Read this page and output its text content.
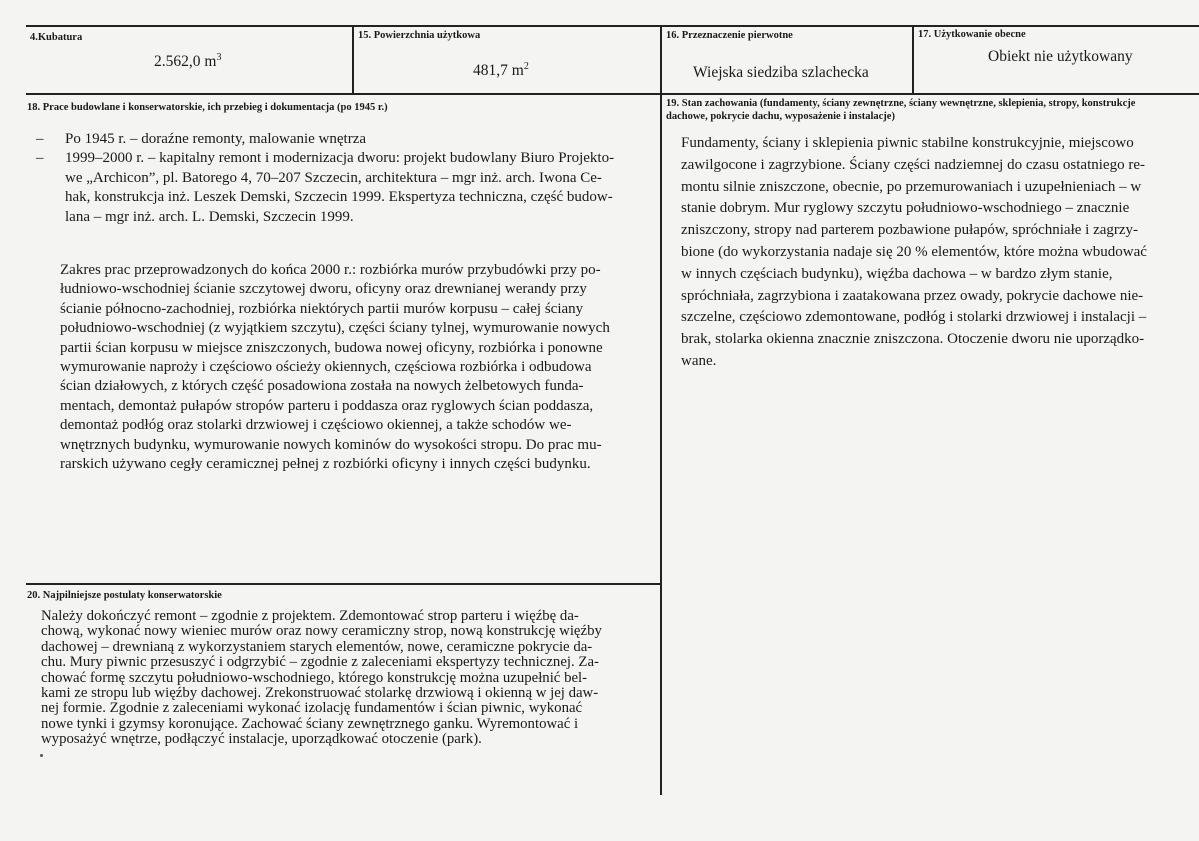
4.Kubatura
2.562,0 $m^3$
15. Powierzchnia użytkowa
481,7 $m^2$
16. Przeznaczenie pierwotne
Wiejska siedziba szlachecka
17. Użytkowanie obecne
Obiekt nie użytkowany
18. Prace budowlane i konserwatorskie, ich przebieg i dokumentacja (po 1945 r.)
– Po 1945 r. – doraźne remonty, malowanie wnętrza
– 1999–2000 r. – kapitalny remont i modernizacja dworu: projekt budowlany Biuro Projekto-
we „Archicon”, pl. Batorego 4, 70–207 Szczecin, architektura – mgr inż. arch. Iwona Ce-
hak, konstrukcja inż. Leszek Demski, Szczecin 1999. Ekspertyza techniczna, część budow-
lana – mgr inż. arch. L. Demski, Szczecin 1999.
Zakres prac przeprowadzonych do końca 2000 r.: rozbiórka murów przybudówki przy po-
łudniowo-wschodniej ścianie szczytowej dworu, oficyny oraz drewnianej werandy przy
ścianie północno-zachodniej, rozbiórka niektórych partii murów korpusu – całej ściany
południowo-wschodniej (z wyjątkiem szczytu), części ściany tylnej, wymurowanie nowych
partii ścian korpusu w miejsce zniszczonych, budowa nowej oficyny, rozbiórka i ponowne
wymurowanie naproży i częściowo ościeży okiennych, częściowa rozbiórka i odbudowa
ścian działowych, z których część posadowiona została na nowych żelbetowych funda-
mentach, demontaż pułapów stropów parteru i poddasza oraz ryglowych ścian poddasza,
demontaż podłóg oraz stolarki drzwiowej i częściowo okiennej, a także schodów we-
wnętrznych budynku, wymurowanie nowych kominów do wysokości stropu. Do prac mu-
rarskich używano cegły ceramicznej pełnej z rozbiórki oficyny i innych części budynku.
19. Stan zachowania (fundamenty, ściany zewnętrzne, ściany wewnętrzne, sklepienia, stropy, konstrukcje
dachowe, pokrycie dachu, wyposażenie i instalacje)
Fundamenty, ściany i sklepienia piwnic stabilne konstrukcyjnie, miejscowo
zawilgocone i zagrzybione. Ściany części nadziemnej do czasu ostatniego re-
montu silnie zniszczone, obecnie, po przemurowaniach i uzupełnieniach – w
stanie dobrym. Mur ryglowy szczytu południowo-wschodniego – znacznie
zniszczony, stropy nad parterem pozbawione pułapów, spróchniałe i zagrzy-
bione (do wykorzystania nadaje się 20 % elementów, które można wbudować
w innych częściach budynku), więźba dachowa – w bardzo złym stanie,
spróchniała, zagrzybiona i zaatakowana przez owady, pokrycie dachowe nie-
szczelne, częściowo zdemontowane, podłóg i stolarki drzwiowej i instalacji –
brak, stolarka okienna znacznie zniszczona. Otoczenie dworu nie uporządko-
wane.
20. Najpilniejsze postulaty konserwatorskie
Należy dokończyć remont – zgodnie z projektem. Zdemontować strop parteru i więźbę da-
chową, wykonać nowy wieniec murów oraz nowy ceramiczny strop, nową konstrukcję więźby
dachowej – drewnianą z wykorzystaniem starych elementów, nowe, ceramiczne pokrycie da-
chu. Mury piwnic przesuszyć i odgrzybić – zgodnie z zaleceniami ekspertyzy technicznej. Za-
chować formę szczytu południowo-wschodniego, którego konstrukcję można uzupełnić bel-
kami ze stropu lub więźby dachowej. Zrekonstruować stolarkę drzwiową i okienną w jej daw-
nej formie. Zgodnie z zaleceniami wykonać izolację fundamentów i ścian piwnic, wykonać
nowe tynki i gzymsy koronujące. Zachować ściany zewnętrznego ganku. Wyremontować i
wyposażyć wnętrze, podłączyć instalacje, uporządkować otoczenie (park).
